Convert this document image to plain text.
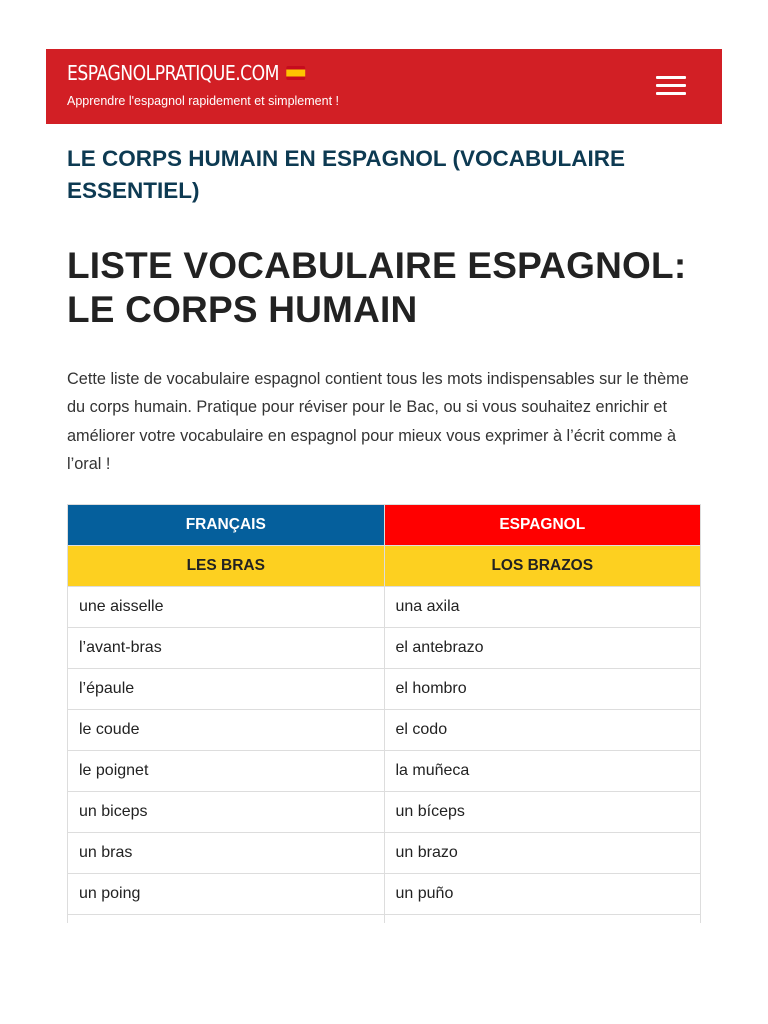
ESPAGNOLPRATIQUE.COM
Apprendre l'espagnol rapidement et simplement !
LE CORPS HUMAIN EN ESPAGNOL (VOCABULAIRE ESSENTIEL)
LISTE VOCABULAIRE ESPAGNOL: LE CORPS HUMAIN

Cette liste de vocabulaire espagnol contient tous les mots indispensables sur le thème du corps humain. Pratique pour réviser pour le Bac, ou si vous souhaitez enrichir et améliorer votre vocabulaire en espagnol pour mieux vous exprimer à l’écrit comme à l’oral !

FRANÇAIS	ESPAGNOL
LES BRAS	LOS BRAZOS
une aisselle	una axila
l’avant-bras	el antebrazo
l’épaule	el hombro
le coude	el codo
le poignet	la muñeca
un biceps	un bíceps
un bras	un brazo
un poing	un puño
